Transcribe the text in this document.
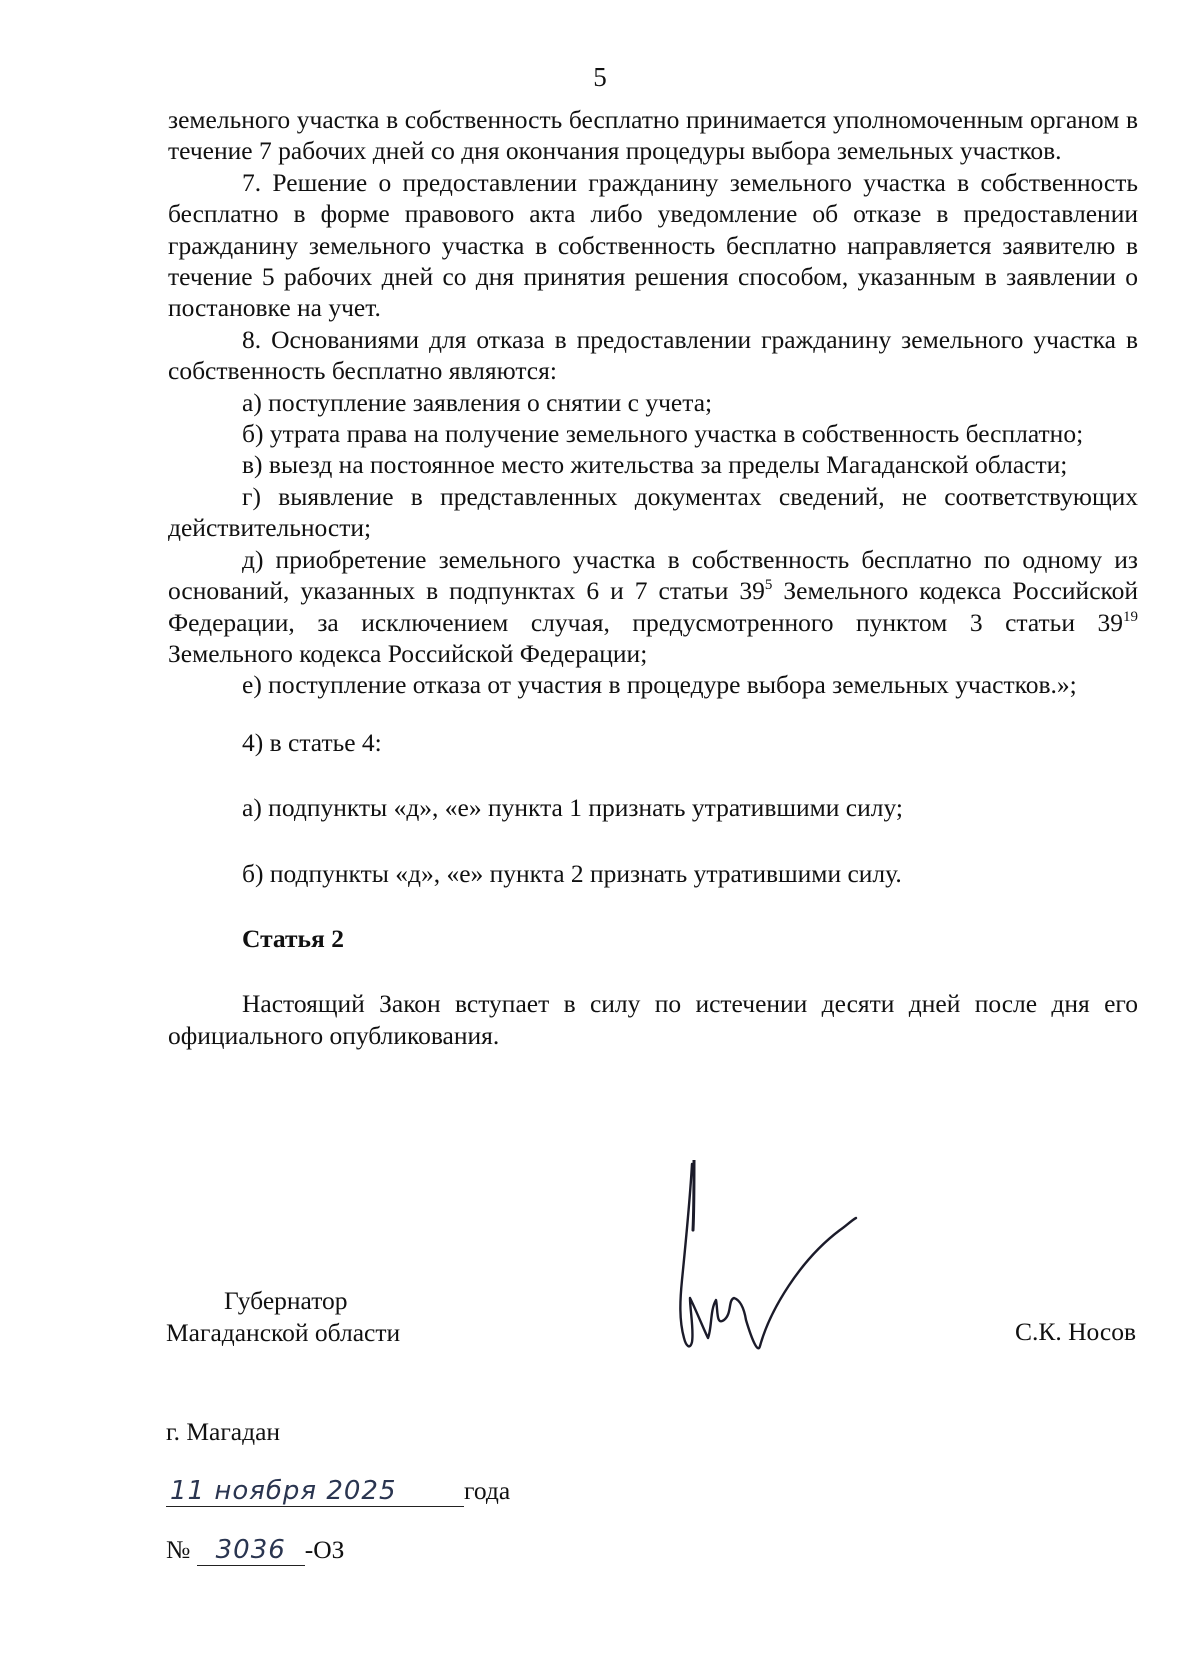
5

земельного участка в собственность бесплатно принимается уполномоченным органом в течение 7 рабочих дней со дня окончания процедуры выбора земельных участков.

7. Решение о предоставлении гражданину земельного участка в собственность бесплатно в форме правового акта либо уведомление об отказе в предоставлении гражданину земельного участка в собственность бесплатно направляется заявителю в течение 5 рабочих дней со дня принятия решения способом, указанным в заявлении о постановке на учет.

8. Основаниями для отказа в предоставлении гражданину земельного участка в собственность бесплатно являются:

а) поступление заявления о снятии с учета;

б) утрата права на получение земельного участка в собственность бесплатно;

в) выезд на постоянное место жительства за пределы Магаданской области;

г) выявление в представленных документах сведений, не соответствующих действительности;

д) приобретение земельного участка в собственность бесплатно по одному из оснований, указанных в подпунктах 6 и 7 статьи $39^5$ Земельного кодекса Российской Федерации, за исключением случая, предусмотренного пунктом 3 статьи $39^{19}$ Земельного кодекса Российской Федерации;

е) поступление отказа от участия в процедуре выбора земельных участков.»;

4) в статье 4:

а) подпункты «д», «е» пункта 1 признать утратившими силу;

б) подпункты «д», «е» пункта 2 признать утратившими силу.

Статья 2

Настоящий Закон вступает в силу по истечении десяти дней после дня его официального опубликования.

Губернатор
Магаданской области	С.К. Носов
г. Магадан
11 ноября 2025	года
№ 3036 -ОЗ
